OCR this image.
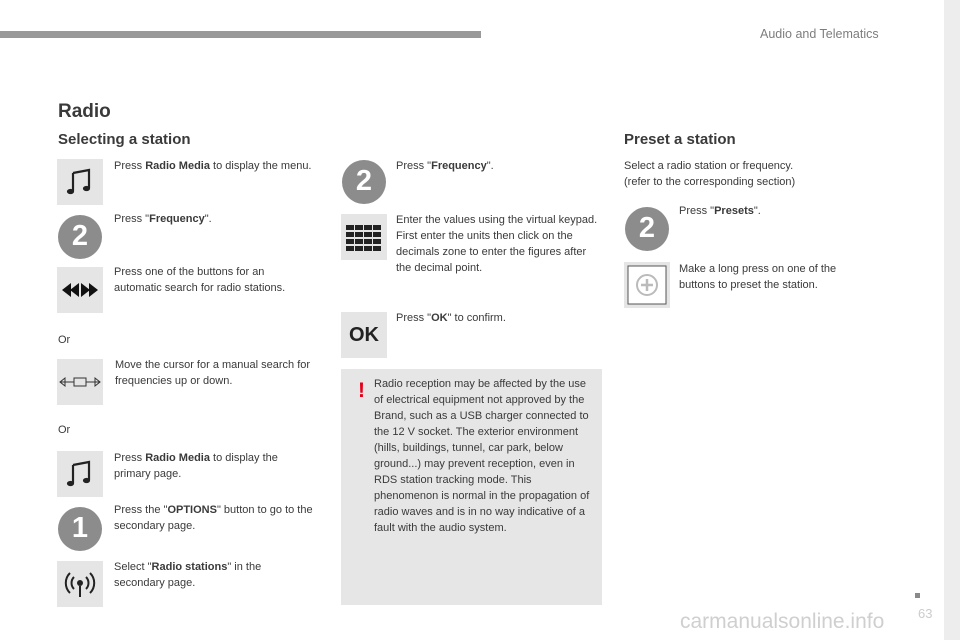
Audio and Telematics
63
carmanualsonline.info
Radio
Selecting a station
Press Radio Media to display the menu.
2
Press "Frequency".
Press one of the buttons for an automatic search for radio stations.
Or
Move the cursor for a manual search for frequencies up or down.
Or
Press Radio Media to display the primary page.
1
Press the "OPTIONS" button to go to the secondary page.
Select "Radio stations" in the secondary page.
2	Press "Frequency".
Enter the values using the virtual keypad.
First enter the units then click on the decimals zone to enter the figures after the decimal point.
OK
Press "OK" to confirm.
! Radio reception may be affected by the use of electrical equipment not approved by the Brand, such as a USB charger connected to the 12 V socket. The exterior environment (hills, buildings, tunnel, car park, below ground...) may prevent reception, even in RDS station tracking mode. This phenomenon is normal in the propagation of radio waves and is in no way indicative of a fault with the audio system.
Preset a station
Select a radio station or frequency.
(refer to the corresponding section)
2
Press "Presets".
Make a long press on one of the buttons to preset the station.
